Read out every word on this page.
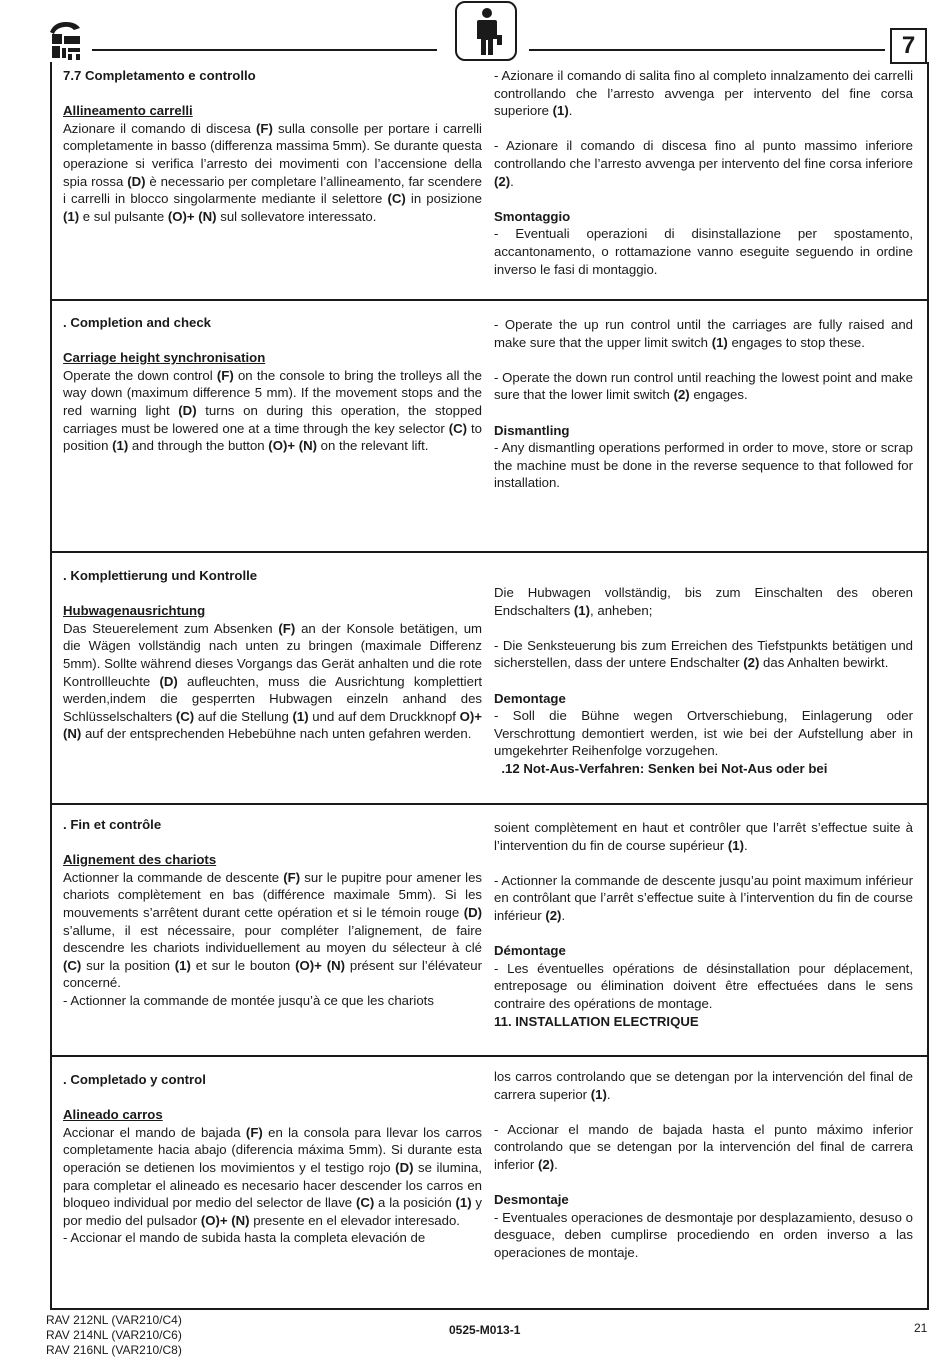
7

7.7 Completamento e controllo

Allineamento carrelli

Azionare il comando di discesa (F) sulla consolle per portare i carrelli completamente in basso (differenza massima 5mm). Se durante questa operazione si verifica l’arresto dei movimenti con l’accensione della spia rossa (D) è necessario per completare l’allineamento, far scendere i carrelli in blocco singolarmente mediante il selettore (C) in posizione (1) e sul pulsante (O)+ (N) sul sollevatore interessato.

- Azionare il comando di salita fino al completo innalzamento dei carrelli controllando che l’arresto avvenga per intervento del fine corsa superiore (1).

- Azionare il comando di discesa fino al punto massimo inferiore controllando che l’arresto avvenga per intervento del fine corsa inferiore (2).

Smontaggio

- Eventuali operazioni di disinstallazione per spostamento, accantonamento, o rottamazione vanno eseguite seguendo in ordine inverso le fasi di montaggio.

. Completion and check

Carriage height synchronisation

Operate the down control (F) on the console to bring the trolleys all the way down (maximum difference 5 mm). If the movement stops and the red warning light (D) turns on during this operation, the stopped carriages must be lowered one at a time through the key selector (C) to position (1) and through the button (O)+ (N) on the relevant lift.

- Operate the up run control until the carriages are fully raised and make sure that the upper limit switch (1) engages to stop these.

- Operate the down run control until reaching the lowest point and make sure that the lower limit switch (2) engages.

Dismantling

- Any dismantling operations performed in order to move, store or scrap the machine must be done in the reverse sequence to that followed for installation.

. Komplettierung und Kontrolle

Hubwagenausrichtung

Das Steuerelement zum Absenken (F) an der Konsole betätigen, um die Wägen vollständig nach unten zu bringen (maximale Differenz 5mm). Sollte während dieses Vorgangs das Gerät anhalten und die rote Kontrollleuchte (D) aufleuchten, muss die Ausrichtung komplettiert werden,indem die gesperrten Hubwagen einzeln anhand des Schlüsselschalters (C) auf die Stellung (1) und auf dem Druckknopf O)+(N) auf der entsprechenden Hebebühne nach unten gefahren werden.

Die Hubwagen vollständig, bis zum Einschalten des oberen Endschalters (1), anheben;

- Die Senksteuerung bis zum Erreichen des Tiefstpunkts betätigen und sicherstellen, dass der untere Endschalter (2) das Anhalten bewirkt.

Demontage

- Soll die Bühne wegen Ortverschiebung, Einlagerung oder Verschrottung demontiert werden, ist wie bei der Aufstellung aber in umgekehrter Reihenfolge vorzugehen.

.12 Not-Aus-Verfahren: Senken bei Not-Aus oder bei

. Fin et contrôle

Alignement des chariots

Actionner la commande de descente (F) sur le pupitre pour amener les chariots complètement en bas (différence maximale 5mm). Si les mouvements s’arrêtent durant cette opération et si le témoin rouge (D) s’allume, il est nécessaire, pour compléter l’alignement, de faire descendre les chariots individuellement au moyen du sélecteur à clé (C) sur la position (1) et sur le bouton (O)+ (N) présent sur l’élévateur concerné.

- Actionner la commande de montée jusqu’à ce que les chariots

soient complètement en haut et contrôler que l’arrêt s’effectue suite à l’intervention du fin de course supérieur (1).

- Actionner la commande de descente jusqu’au point maximum inférieur en contrôlant que l’arrêt s’effectue suite à l’intervention du fin de course inférieur (2).

Démontage

- Les éventuelles opérations de désinstallation pour déplacement, entreposage ou élimination doivent être effectuées dans le sens contraire des opérations de montage.

11. INSTALLATION ELECTRIQUE

. Completado y control

Alineado carros

Accionar el mando de bajada (F) en la consola para llevar los carros completamente hacia abajo (diferencia máxima 5mm). Si durante esta operación se detienen los movimientos y el testigo rojo (D) se ilumina, para completar el alineado es necesario hacer descender los carros en bloqueo individual por medio del selector de llave (C) a la posición (1) y por medio del pulsador (O)+ (N) presente en el elevador interesado.

- Accionar el mando de subida hasta la completa elevación de

los carros controlando que se detengan por la intervención del final de carrera superior (1).

- Accionar el mando de bajada hasta el punto máximo inferior controlando que se detengan por la intervención del final de carrera inferior (2).

Desmontaje

- Eventuales operaciones de desmontaje por desplazamiento, desuso o desguace, deben cumplirse procediendo en orden inverso a las operaciones de montaje.

RAV 212NL (VAR210/C4)
RAV 214NL (VAR210/C6)
RAV 216NL (VAR210/C8)
0525-M013-1	21
